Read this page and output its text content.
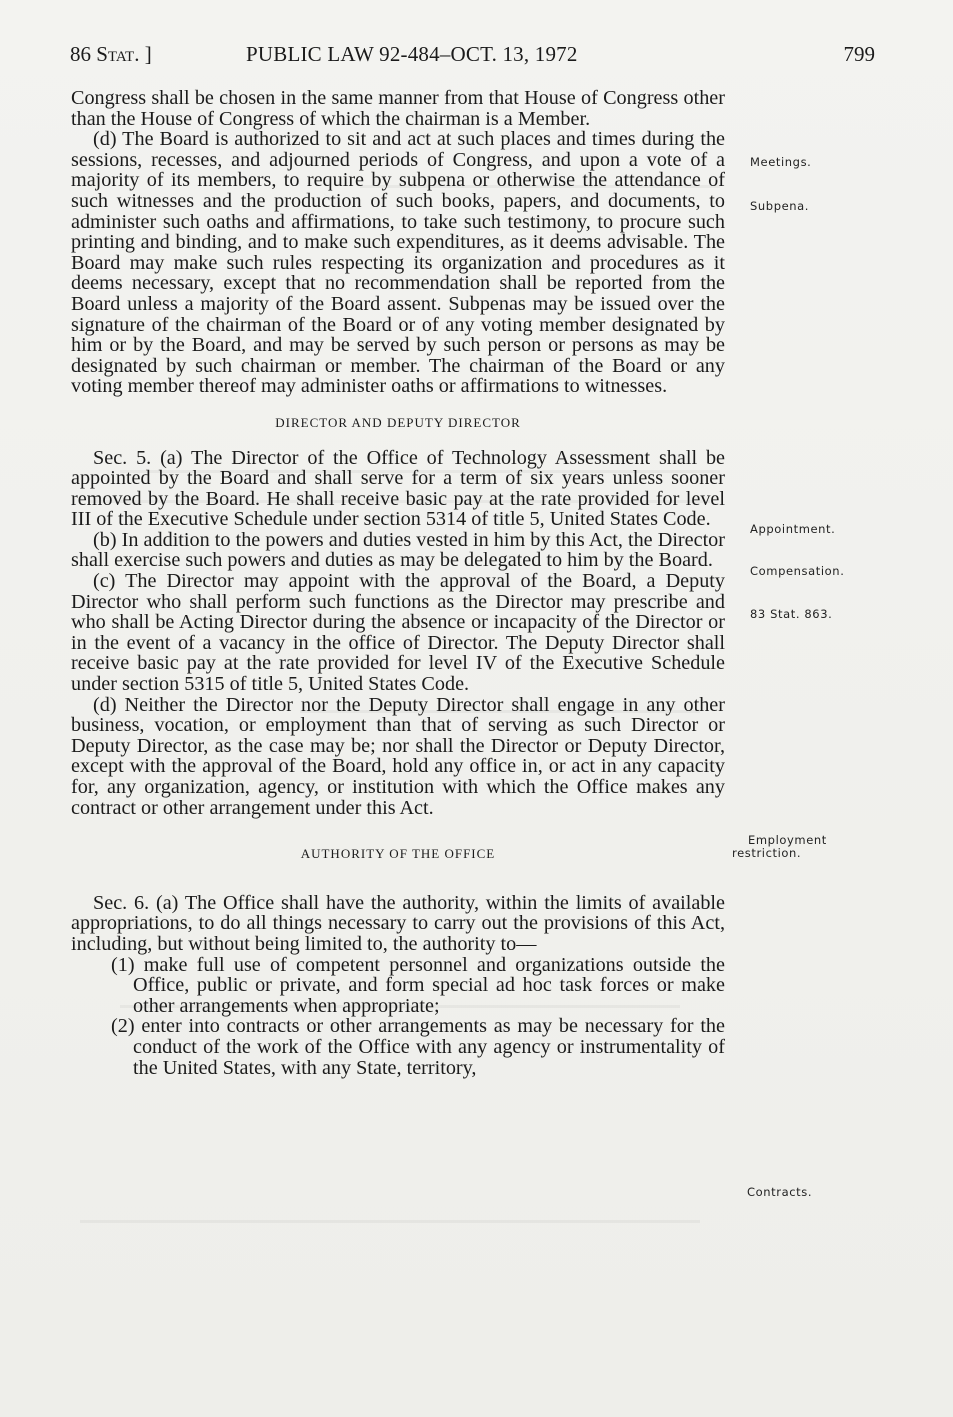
86 Stat. ]	PUBLIC LAW 92-484–OCT. 13, 1972	799

Congress shall be chosen in the same manner from that House of Congress other than the House of Congress of which the chairman is a Member.

(d) The Board is authorized to sit and act at such places and times during the sessions, recesses, and adjourned periods of Congress, and upon a vote of a majority of its members, to require by subpena or otherwise the attendance of such witnesses and the production of such books, papers, and documents, to administer such oaths and affirmations, to take such testimony, to procure such printing and binding, and to make such expenditures, as it deems advisable. The Board may make such rules respecting its organization and procedures as it deems necessary, except that no recommendation shall be reported from the Board unless a majority of the Board assent. Subpenas may be issued over the signature of the chairman of the Board or of any voting member designated by him or by the Board, and may be served by such person or persons as may be designated by such chairman or member. The chairman of the Board or any voting member thereof may administer oaths or affirmations to witnesses.

DIRECTOR AND DEPUTY DIRECTOR

Sec. 5. (a) The Director of the Office of Technology Assessment shall be appointed by the Board and shall serve for a term of six years unless sooner removed by the Board. He shall receive basic pay at the rate provided for level III of the Executive Schedule under section 5314 of title 5, United States Code.

(b) In addition to the powers and duties vested in him by this Act, the Director shall exercise such powers and duties as may be delegated to him by the Board.

(c) The Director may appoint with the approval of the Board, a Deputy Director who shall perform such functions as the Director may prescribe and who shall be Acting Director during the absence or incapacity of the Director or in the event of a vacancy in the office of Director. The Deputy Director shall receive basic pay at the rate provided for level IV of the Executive Schedule under section 5315 of title 5, United States Code.

(d) Neither the Director nor the Deputy Director shall engage in any other business, vocation, or employment than that of serving as such Director or Deputy Director, as the case may be; nor shall the Director or Deputy Director, except with the approval of the Board, hold any office in, or act in any capacity for, any organization, agency, or institution with which the Office makes any contract or other arrangement under this Act.

AUTHORITY OF THE OFFICE

Sec. 6. (a) The Office shall have the authority, within the limits of available appropriations, to do all things necessary to carry out the provisions of this Act, including, but without being limited to, the authority to—

(1) make full use of competent personnel and organizations outside the Office, public or private, and form special ad hoc task forces or make other arrangements when appropriate;

(2) enter into contracts or other arrangements as may be necessary for the conduct of the work of the Office with any agency or instrumentality of the United States, with any State, territory,

Meetings.
Subpena.
Appointment.
Compensation.
83 Stat. 863.
Employment
restriction.
Contracts.
